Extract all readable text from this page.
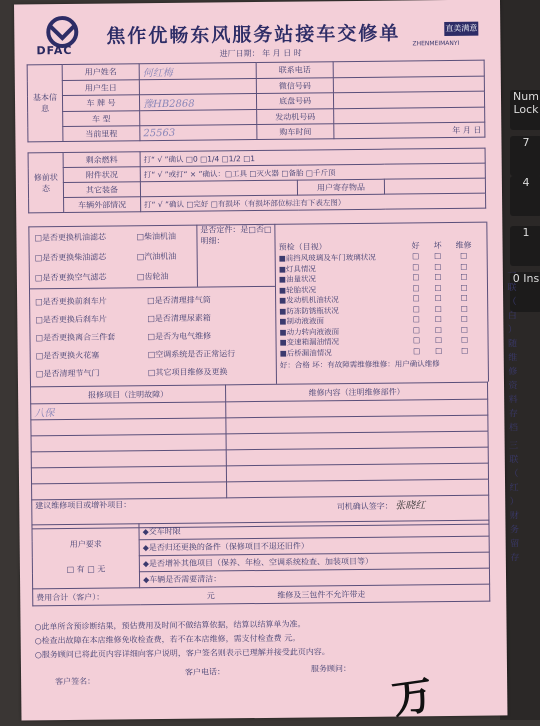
Num Lock
7
4
1
0 Ins
DFAC
焦作优畅东风服务站接车交修单
进厂日期： 年 月 日 时
直美满意
ZHENMEIMANYI
基本信息	用户姓名	何红梅	联系电话	
	用户生日		微信号码	
	车 牌 号	豫HB2868	底盘号码	
	车 型		发动机号码	
	当前里程	25563	购车时间	年 月 日
修前状态	剩余燃料	打“ √ ”确认 □0 □1/4 □1/2 □1		
	附件状况	打“ √ ”或打“ × ”确认：□工具 □灭火器 □备胎 □千斤顶		
	其它装备		用户寄存物品	
	车辆外部情况	打“ √ ”确认 □完好 □有损坏（有损坏部位标注有下表左图）		
□是否更换机油滤芯
□是否更换柴油滤芯
□是否更换空气滤芯
□柴油机油
□汽油机油
□齿轮油
是否定件：是□否□
明细：
□是否更换前刹车片
□是否更换后刹车片
□是否更换离合三件套
□是否更换火花塞
□是否清理节气门
□是否清理排气筒
□是否清理尿素箱
□是否为电气维修
□空调系统是否正常运行
□其它项目维修及更换
预检（目视）	好	坏	维修
■前挡风玻璃及车门玻璃状况	□	□	□
■灯具情况	□	□	□
■油量状况	□	□	□
■轮胎状况	□	□	□
■发动机机油状况	□	□	□
■防冻防锈瓶状况	□	□	□
■制动液液面	□	□	□
■动力转向液液面	□	□	□
■变速箱漏油情况	□	□	□
■后桥漏油情况	□	□	□
好：合格 坏：有故障需维修维修：用户确认维修
报修项目（注明故障）	维修内容（注明维修部件）
八保	

建议维修项目或增补项目： 司机确认签字： 张晓红	
用户要求
□ 有 □ 无
	◆交车时限
◆是否归还更换的备件（保修项目不退还旧件）
◆是否增补其他项目（保养、年检、空调系统检查、加装项目等）
◆车辆是否需要清洁：
费用合计（客户）：	元	维修及三包件不允许带走
○此单所含预诊断结果，预估费用及时间不做结算依据，结算以结算单为准。
○检查出故障在本店维修免收检查费，若不在本店维修，需支付检查费 元。
○服务顾问已将此页内容详细向客户说明，客户签名则表示已理解并接受此页内容。
客户签名：
客户电话：	服务顾问：
一
联
（
白
）
随
维
修
资
料
存
档
三
联
（
红
）
财
务
留
存
万
